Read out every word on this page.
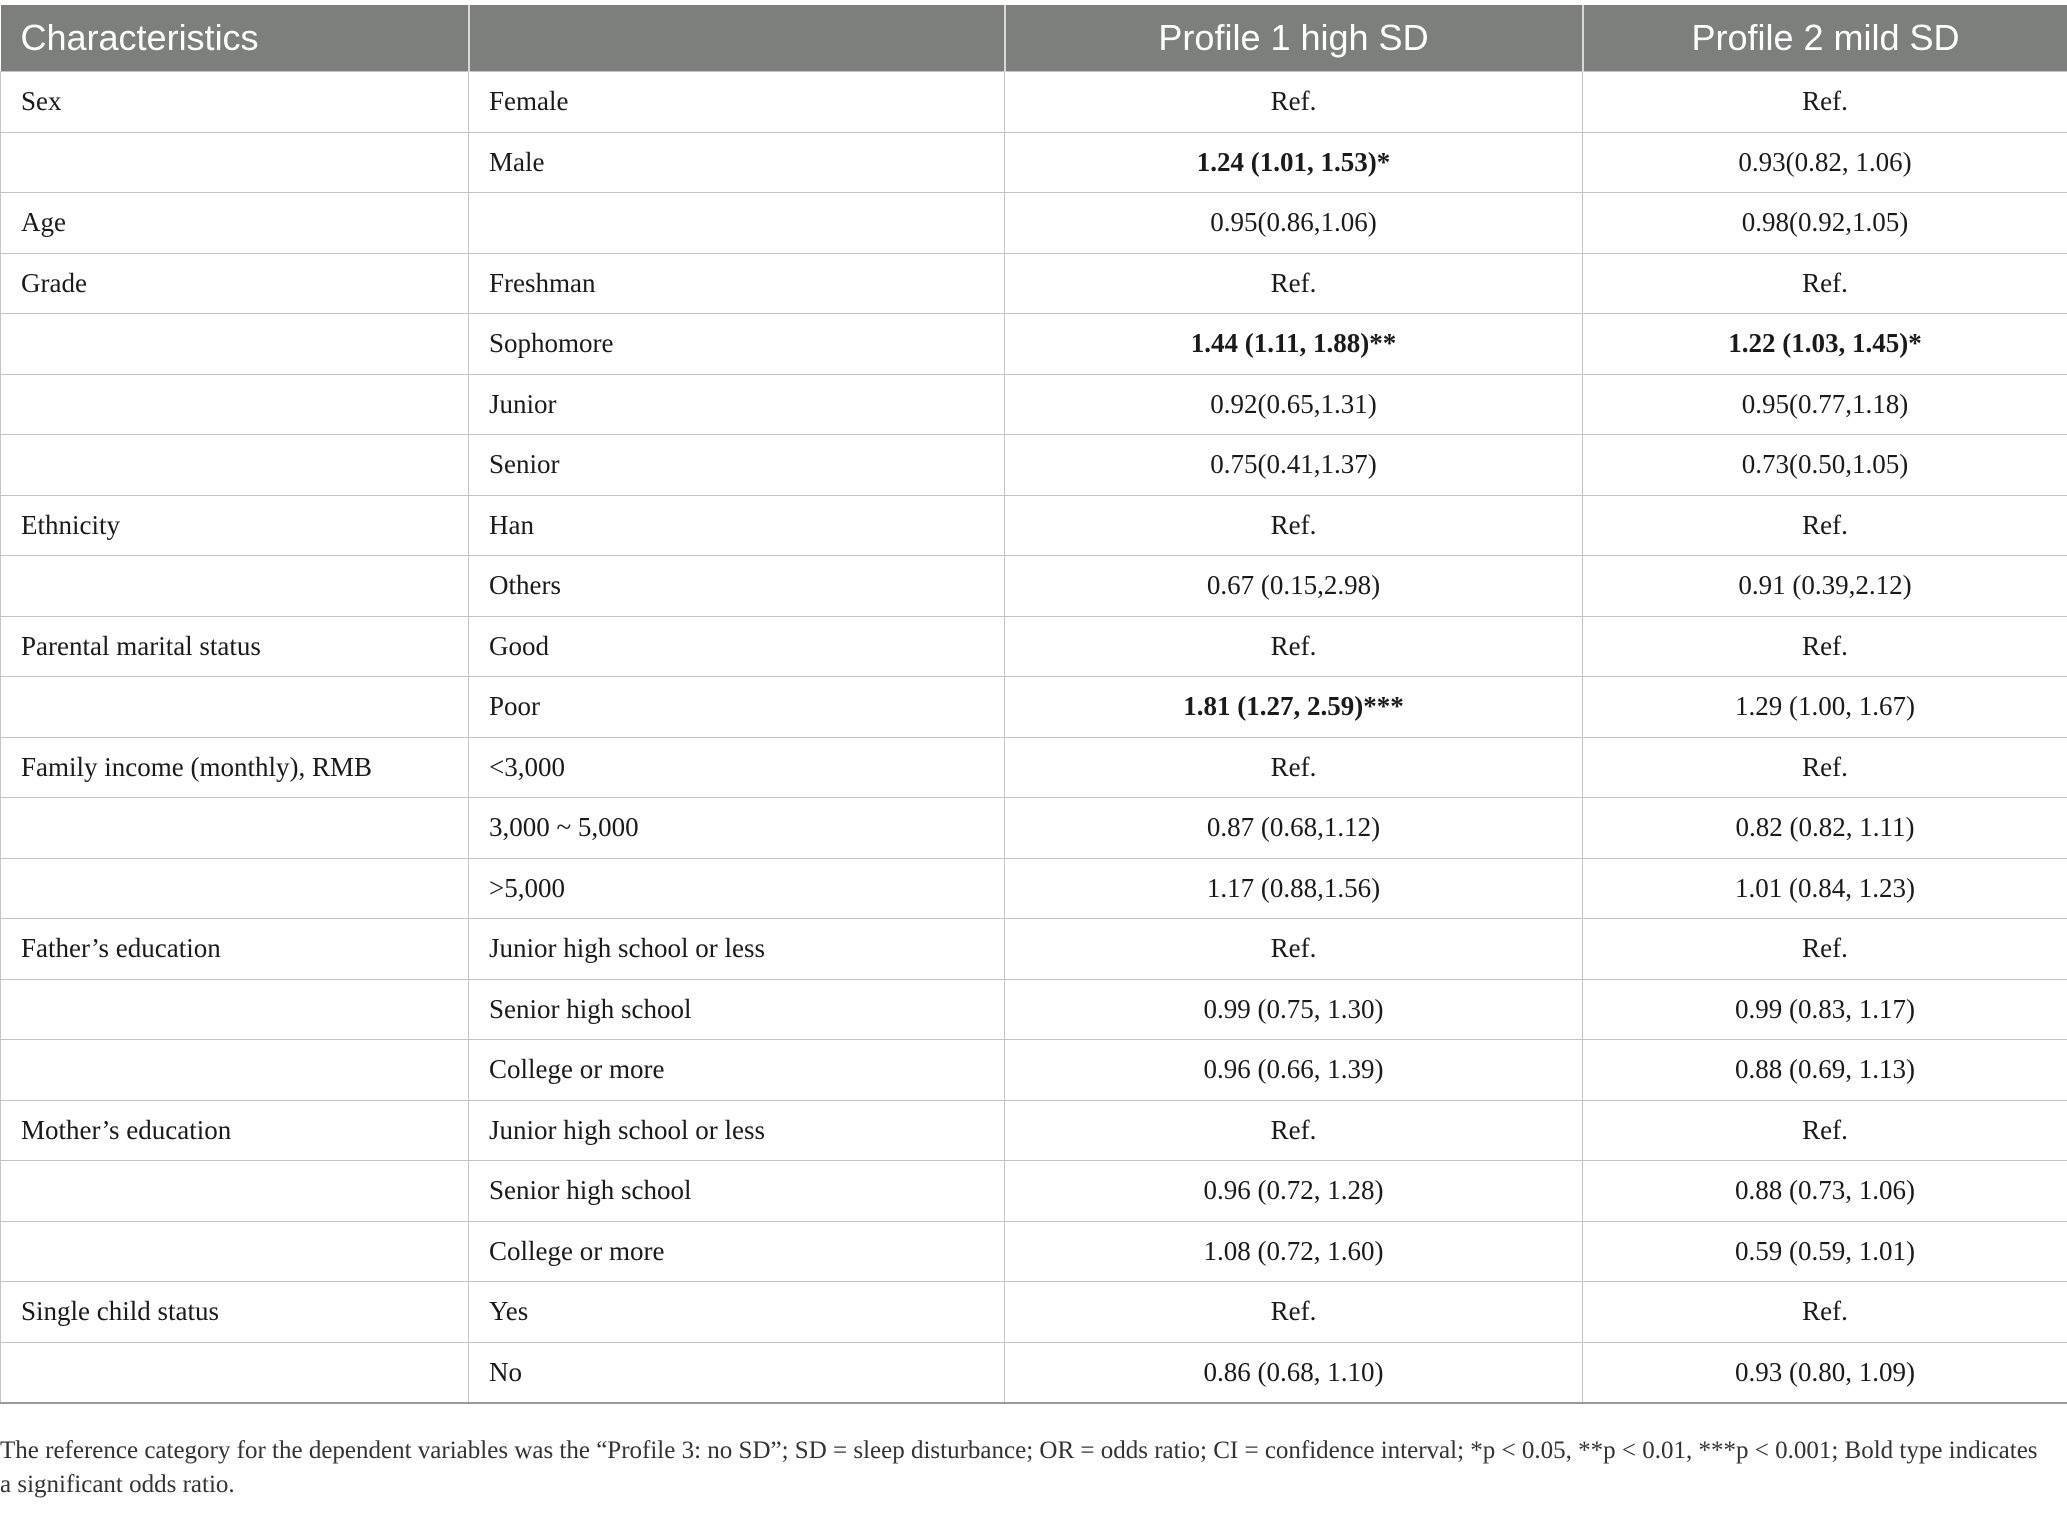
Characteristics		Profile 1 high SD	Profile 2 mild SD
Sex	Female	Ref.	Ref.
	Male	1.24 (1.01, 1.53)*	0.93(0.82, 1.06)
Age		0.95(0.86,1.06)	0.98(0.92,1.05)
Grade	Freshman	Ref.	Ref.
	Sophomore	1.44 (1.11, 1.88)**	1.22 (1.03, 1.45)*
	Junior	0.92(0.65,1.31)	0.95(0.77,1.18)
	Senior	0.75(0.41,1.37)	0.73(0.50,1.05)
Ethnicity	Han	Ref.	Ref.
	Others	0.67 (0.15,2.98)	0.91 (0.39,2.12)
Parental marital status	Good	Ref.	Ref.
	Poor	1.81 (1.27, 2.59)***	1.29 (1.00, 1.67)
Family income (monthly), RMB	<3,000	Ref.	Ref.
	3,000 ~ 5,000	0.87 (0.68,1.12)	0.82 (0.82, 1.11)
	>5,000	1.17 (0.88,1.56)	1.01 (0.84, 1.23)
Father’s education	Junior high school or less	Ref.	Ref.
	Senior high school	0.99 (0.75, 1.30)	0.99 (0.83, 1.17)
	College or more	0.96 (0.66, 1.39)	0.88 (0.69, 1.13)
Mother’s education	Junior high school or less	Ref.	Ref.
	Senior high school	0.96 (0.72, 1.28)	0.88 (0.73, 1.06)
	College or more	1.08 (0.72, 1.60)	0.59 (0.59, 1.01)
Single child status	Yes	Ref.	Ref.
	No	0.86 (0.68, 1.10)	0.93 (0.80, 1.09)
The reference category for the dependent variables was the “Profile 3: no SD”; SD = sleep disturbance; OR = odds ratio; CI = confidence interval; *p < 0.05, **p < 0.01, ***p < 0.001; Bold type indicates a significant odds ratio.
